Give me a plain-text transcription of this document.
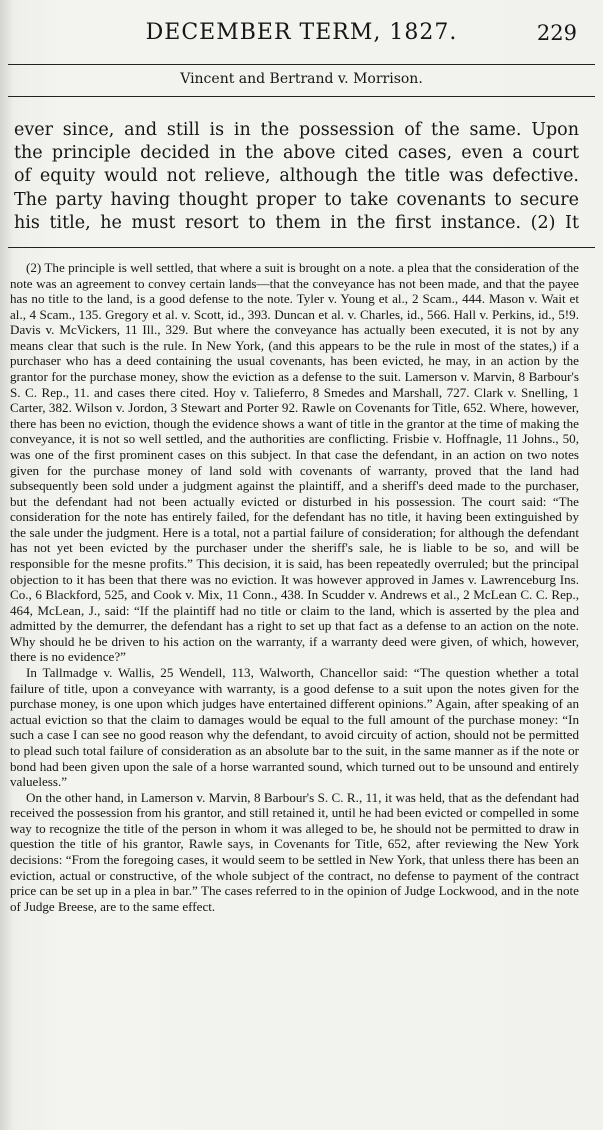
DECEMBER TERM, 1827.	229
Vincent and Bertrand v. Morrison.
ever since, and still is in the possession of the same. Upon
the principle decided in the above cited cases, even a court
of equity would not relieve, although the title was defective.
The party having thought proper to take covenants to secure
his title, he must resort to them in the first instance. (2) It

(2) The principle is well settled, that where a suit is brought on a note. a plea that the consideration of the note was an agreement to convey certain lands—that the conveyance has not been made, and that the payee has no title to the land, is a good defense to the note. Tyler v. Young et al., 2 Scam., 444. Mason v. Wait et al., 4 Scam., 135. Gregory et al. v. Scott, id., 393. Duncan et al. v. Charles, id., 566. Hall v. Perkins, id., 5!9. Davis v. McVickers, 11 Ill., 329. But where the conveyance has actually been executed, it is not by any means clear that such is the rule. In New York, (and this appears to be the rule in most of the states,) if a purchaser who has a deed containing the usual covenants, has been evicted, he may, in an action by the grantor for the purchase money, show the eviction as a defense to the suit. Lamerson v. Marvin, 8 Barbour's S. C. Rep., 11. and cases there cited. Hoy v. Talieferro, 8 Smedes and Marshall, 727. Clark v. Snelling, 1 Carter, 382. Wilson v. Jordon, 3 Stewart and Porter 92. Rawle on Covenants for Title, 652. Where, however, there has been no eviction, though the evidence shows a want of title in the grantor at the time of making the conveyance, it is not so well settled, and the authorities are conflicting. Frisbie v. Hoffnagle, 11 Johns., 50, was one of the first prominent cases on this subject. In that case the defendant, in an action on two notes given for the purchase money of land sold with covenants of warranty, proved that the land had subsequently been sold under a judgment against the plaintiff, and a sheriff's deed made to the purchaser, but the defendant had not been actually evicted or disturbed in his possession. The court said: “The consideration for the note has entirely failed, for the defendant has no title, it having been extinguished by the sale under the judgment. Here is a total, not a partial failure of consideration; for although the defendant has not yet been evicted by the purchaser under the sheriff's sale, he is liable to be so, and will be responsible for the mesne profits.” This decision, it is said, has been repeatedly overruled; but the principal objection to it has been that there was no eviction. It was however approved in James v. Lawrenceburg Ins. Co., 6 Blackford, 525, and Cook v. Mix, 11 Conn., 438. In Scudder v. Andrews et al., 2 McLean C. C. Rep., 464, McLean, J., said: “If the plaintiff had no title or claim to the land, which is asserted by the plea and admitted by the demurrer, the defendant has a right to set up that fact as a defense to an action on the note. Why should he be driven to his action on the warranty, if a warranty deed were given, of which, however, there is no evidence?”

In Tallmadge v. Wallis, 25 Wendell, 113, Walworth, Chancellor said: “The question whether a total failure of title, upon a conveyance with warranty, is a good defense to a suit upon the notes given for the purchase money, is one upon which judges have entertained different opinions.” Again, after speaking of an actual eviction so that the claim to damages would be equal to the full amount of the purchase money: “In such a case I can see no good reason why the defendant, to avoid circuity of action, should not be permitted to plead such total failure of consideration as an absolute bar to the suit, in the same manner as if the note or bond had been given upon the sale of a horse warranted sound, which turned out to be unsound and entirely valueless.”

On the other hand, in Lamerson v. Marvin, 8 Barbour's S. C. R., 11, it was held, that as the defendant had received the possession from his grantor, and still retained it, until he had been evicted or compelled in some way to recognize the title of the person in whom it was alleged to be, he should not be permitted to draw in question the title of his grantor, Rawle says, in Covenants for Title, 652, after reviewing the New York decisions: “From the foregoing cases, it would seem to be settled in New York, that unless there has been an eviction, actual or constructive, of the whole subject of the contract, no defense to payment of the contract price can be set up in a plea in bar.” The cases referred to in the opinion of Judge Lockwood, and in the note of Judge Breese, are to the same effect.
